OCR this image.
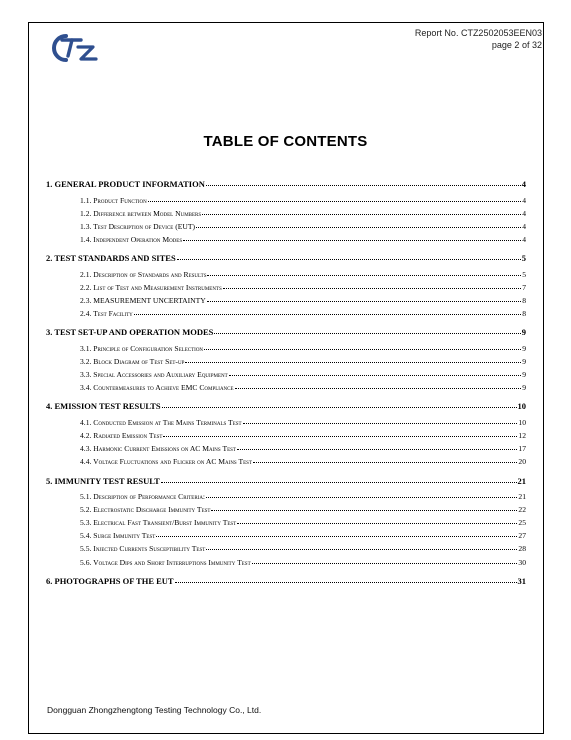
Report No. CTZ2502053EEN03
page 2 of 32
TABLE OF CONTENTS
1. GENERAL PRODUCT INFORMATION	4
1.1. Product Function	4
1.2. Difference between Model Numbers	4
1.3. Test Description of Device (EUT)	4
1.4. Independent Operation Modes	4
2. TEST STANDARDS AND SITES	5
2.1. Description of Standards and Results	5
2.2. List of Test and Measurement Instruments	7
2.3. MEASUREMENT UNCERTAINTY	8
2.4. Test Facility	8
3. TEST SET-UP AND OPERATION MODES	9
3.1. Principle of Configuration Selection	9
3.2. Block Diagram of Test Set-up	9
3.3. Special Accessories and Auxiliary Equipment	9
3.4. Countermeasures to Achieve EMC Compliance	9
4. EMISSION TEST RESULTS	10
4.1. Conducted Emission at The Mains Terminals Test	10
4.2. Radiated Emission Test	12
4.3. Harmonic Current Emissions on AC Mains Test	17
4.4. Voltage Fluctuations and Flicker on AC Mains Test	20
5. IMMUNITY TEST RESULT	21
5.1. Description of Performance Criteria:	21
5.2. Electrostatic Discharge Immunity Test	22
5.3. Electrical Fast Transient/Burst Immunity Test	25
5.4. Surge Immunity Test	27
5.5. Injected Currents Susceptibility Test	28
5.6. Voltage Dips and Short Interruptions Immunity Test	30
6. PHOTOGRAPHS OF THE EUT	31
Dongguan Zhongzhengtong Testing Technology Co., Ltd.
